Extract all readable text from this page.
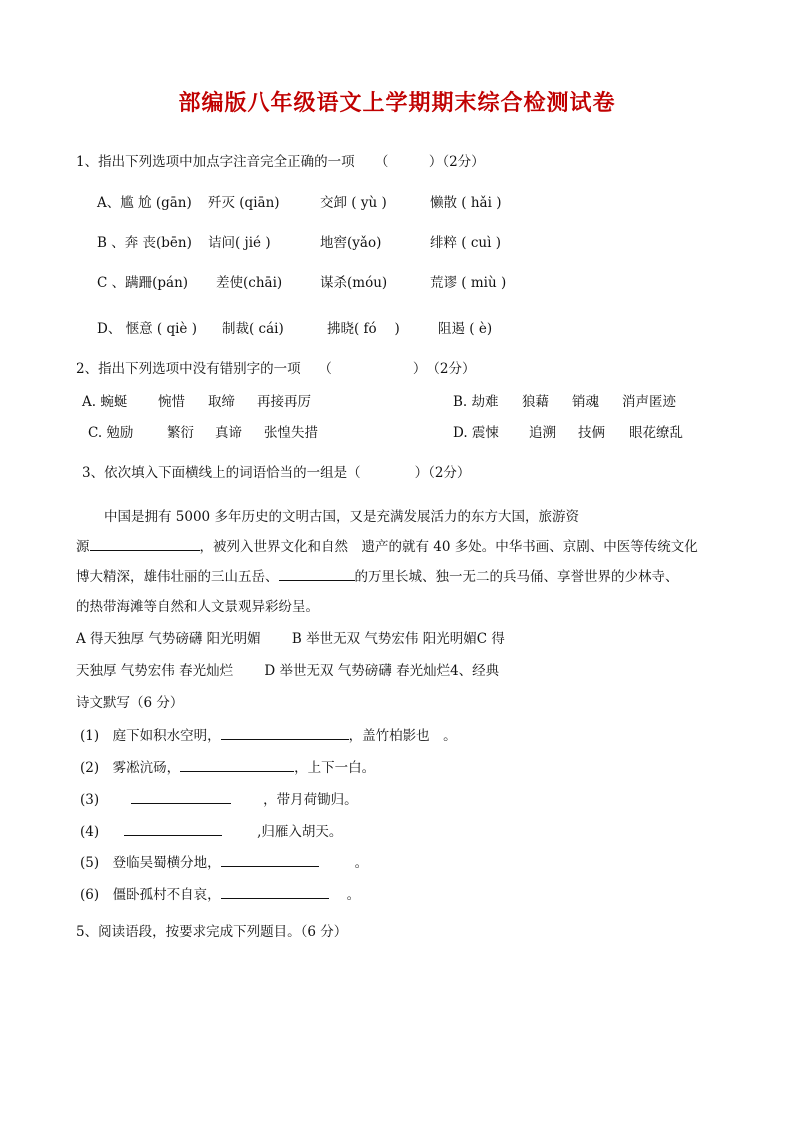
部编版八年级语文上学期期末综合检测试卷
1、指出下列选项中加点字注音完全正确的一项　　（　　　）（2分）
A、尴 尬 (gān) 歼灭 (qiān)	交卸 ( yù )	懒散 ( hǎi )
B 、奔 丧(bēn) 诘问( jié )	地窖(yǎo)	绯粹 ( cuì )
C 、蹒跚(pán) 差使(chāi)	谋杀(móu)	荒谬 ( miù )
D、 惬意 ( qiè ) 制裁( cái)	拂晓( fó　 )	阻遏 ( è)
2、指出下列选项中没有错别字的一项　 （　　　　　　）　（2分）
A. 蜿蜒 惋惜 取缔 再接再厉	B. 劫难 狼藉 销魂 消声匿迹
C. 勉励 繁衍 真谛 张惶失措	D. 震悚 追溯 技俩 眼花缭乱
3、依次填入下面横线上的词语恰当的一组是（　　　　）（2分）
中国是拥有 5000 多年历史的文明古国，又是充满发展活力的东方大国，旅游资
源	，被列入世界文化和自然　遗产的就有 40 多处。中华书画、京剧、中医等传统文化
博大精深，雄伟壮丽的三山五岳、	的万里长城、独一无二的兵马俑、享誉世界的少林寺、
的热带海滩等自然和人文景观异彩纷呈。
A 得天独厚 气势磅礴 阳光明媚　　 B 举世无双 气势宏伟 阳光明媚C 得
天独厚 气势宏伟 春光灿烂　　 D 举世无双 气势磅礴 春光灿烂4、经典
诗文默写（6 分）
(1)　庭下如积水空明，	，盖竹柏影也　。
(2)　雾凇沆砀，	，上下一白。
(3)	，带月荷锄归。
(4)	,归雁入胡天。
(5)　登临吴蜀横分地，	。
(6)　僵卧孤村不自哀，	。
5、阅读语段，按要求完成下列题目。（6 分）
